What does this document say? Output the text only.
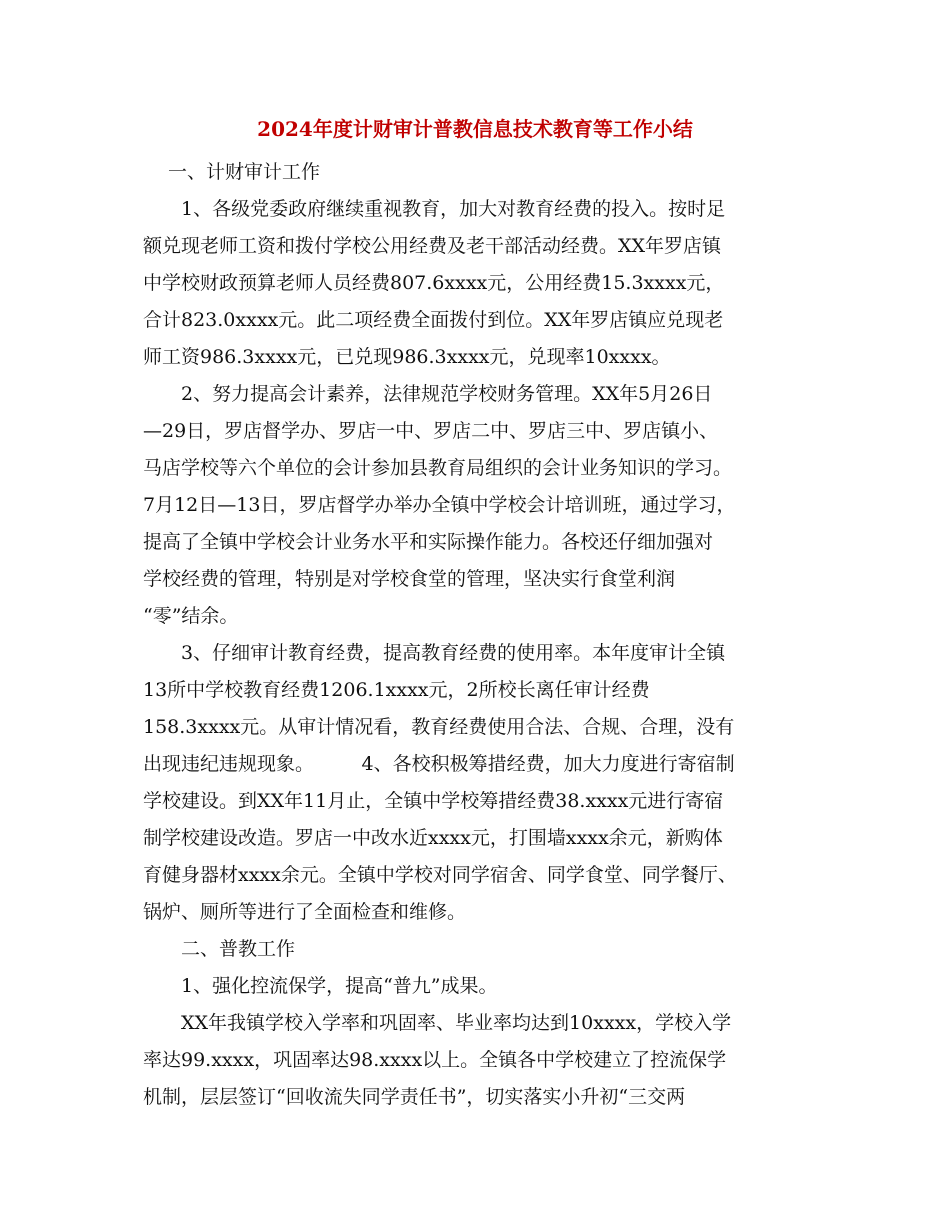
2024年度计财审计普教信息技术教育等工作小结
　 一、计财审计工作
　　1、各级党委政府继续重视教育，加大对教育经费的投入。按时足
额兑现老师工资和拨付学校公用经费及老干部活动经费。XX年罗店镇
中学校财政预算老师人员经费807.6xxxx元，公用经费15.3xxxx元，
合计823.0xxxx元。此二项经费全面拨付到位。XX年罗店镇应兑现老
师工资986.3xxxx元，已兑现986.3xxxx元，兑现率10xxxx。
　　2、努力提高会计素养，法律规范学校财务管理。XX年5月26日
—29日，罗店督学办、罗店一中、罗店二中、罗店三中、罗店镇小、
马店学校等六个单位的会计参加县教育局组织的会计业务知识的学习。
7月12日—13日，罗店督学办举办全镇中学校会计培训班，通过学习，
提高了全镇中学校会计业务水平和实际操作能力。各校还仔细加强对
学校经费的管理，特别是对学校食堂的管理，坚决实行食堂利润
“零”结余。
　　3、仔细审计教育经费，提高教育经费的使用率。本年度审计全镇
13所中学校教育经费1206.1xxxx元，2所校长离任审计经费
158.3xxxx元。从审计情况看，教育经费使用合法、合规、合理，没有
出现违纪违规现象。　　　4、各校积极筹措经费，加大力度进行寄宿制
学校建设。到XX年11月止，全镇中学校筹措经费38.xxxx元进行寄宿
制学校建设改造。罗店一中改水近xxxx元，打围墙xxxx余元，新购体
育健身器材xxxx余元。全镇中学校对同学宿舍、同学食堂、同学餐厅、
锅炉、厕所等进行了全面检查和维修。
　　二、普教工作
　　1、强化控流保学，提高“普九”成果。
　　XX年我镇学校入学率和巩固率、毕业率均达到10xxxx，学校入学
率达99.xxxx，巩固率达98.xxxx以上。全镇各中学校建立了控流保学
机制，层层签订“回收流失同学责任书”，切实落实小升初“三交两
